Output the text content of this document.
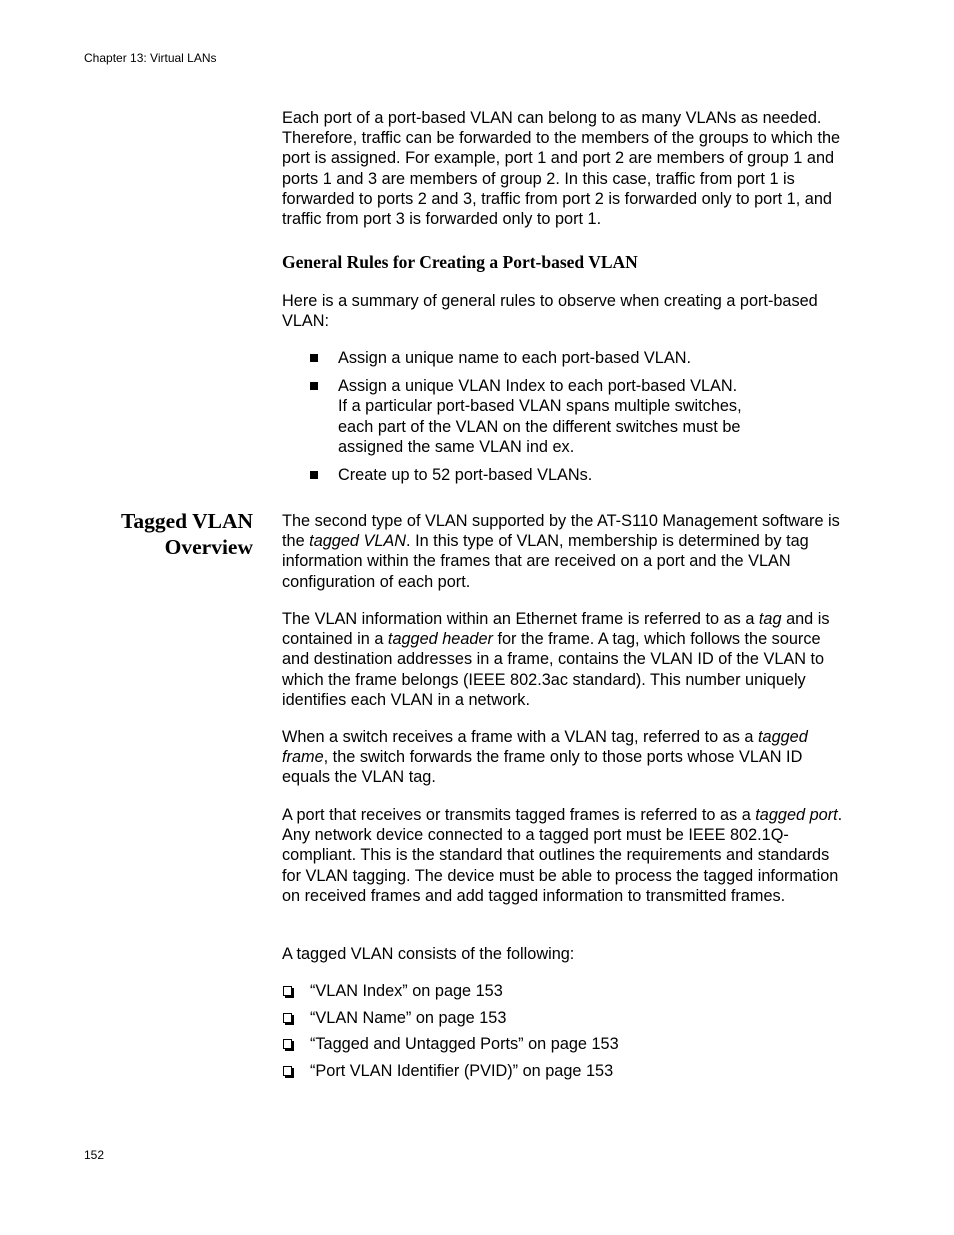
Chapter 13: Virtual LANs

Each port of a port-based VLAN can belong to as many VLANs as needed. Therefore, traffic can be forwarded to the members of the groups to which the port is assigned. For example, port 1 and port 2 are members of group 1 and ports 1 and 3 are members of group 2. In this case, traffic from port 1 is forwarded to ports 2 and 3, traffic from port 2 is forwarded only to port 1, and traffic from port 3 is forwarded only to port 1.

General Rules for Creating a Port-based VLAN

Here is a summary of general rules to observe when creating a port-based VLAN:

Assign a unique name to each port-based VLAN.
Assign a unique VLAN Index to each port-based VLAN. If a particular port-based VLAN spans multiple switches, each part of the VLAN on the different switches must be assigned the same VLAN ind ex.
Create up to 52 port-based VLANs.
Tagged VLAN
Overview

The second type of VLAN supported by the AT-S110 Management software is the tagged VLAN. In this type of VLAN, membership is determined by tag information within the frames that are received on a port and the VLAN configuration of each port.

The VLAN information within an Ethernet frame is referred to as a tag and is contained in a tagged header for the frame. A tag, which follows the source and destination addresses in a frame, contains the VLAN ID of the VLAN to which the frame belongs (IEEE 802.3ac standard). This number uniquely identifies each VLAN in a network.

When a switch receives a frame with a VLAN tag, referred to as a tagged frame, the switch forwards the frame only to those ports whose VLAN ID equals the VLAN tag.

A port that receives or transmits tagged frames is referred to as a tagged port. Any network device connected to a tagged port must be IEEE 802.1Q-compliant. This is the standard that outlines the requirements and standards for VLAN tagging. The device must be able to process the tagged information on received frames and add tagged information to transmitted frames.

A tagged VLAN consists of the following:

“VLAN Index” on page 153
“VLAN Name” on page 153
“Tagged and Untagged Ports” on page 153
“Port VLAN Identifier (PVID)” on page 153
152
